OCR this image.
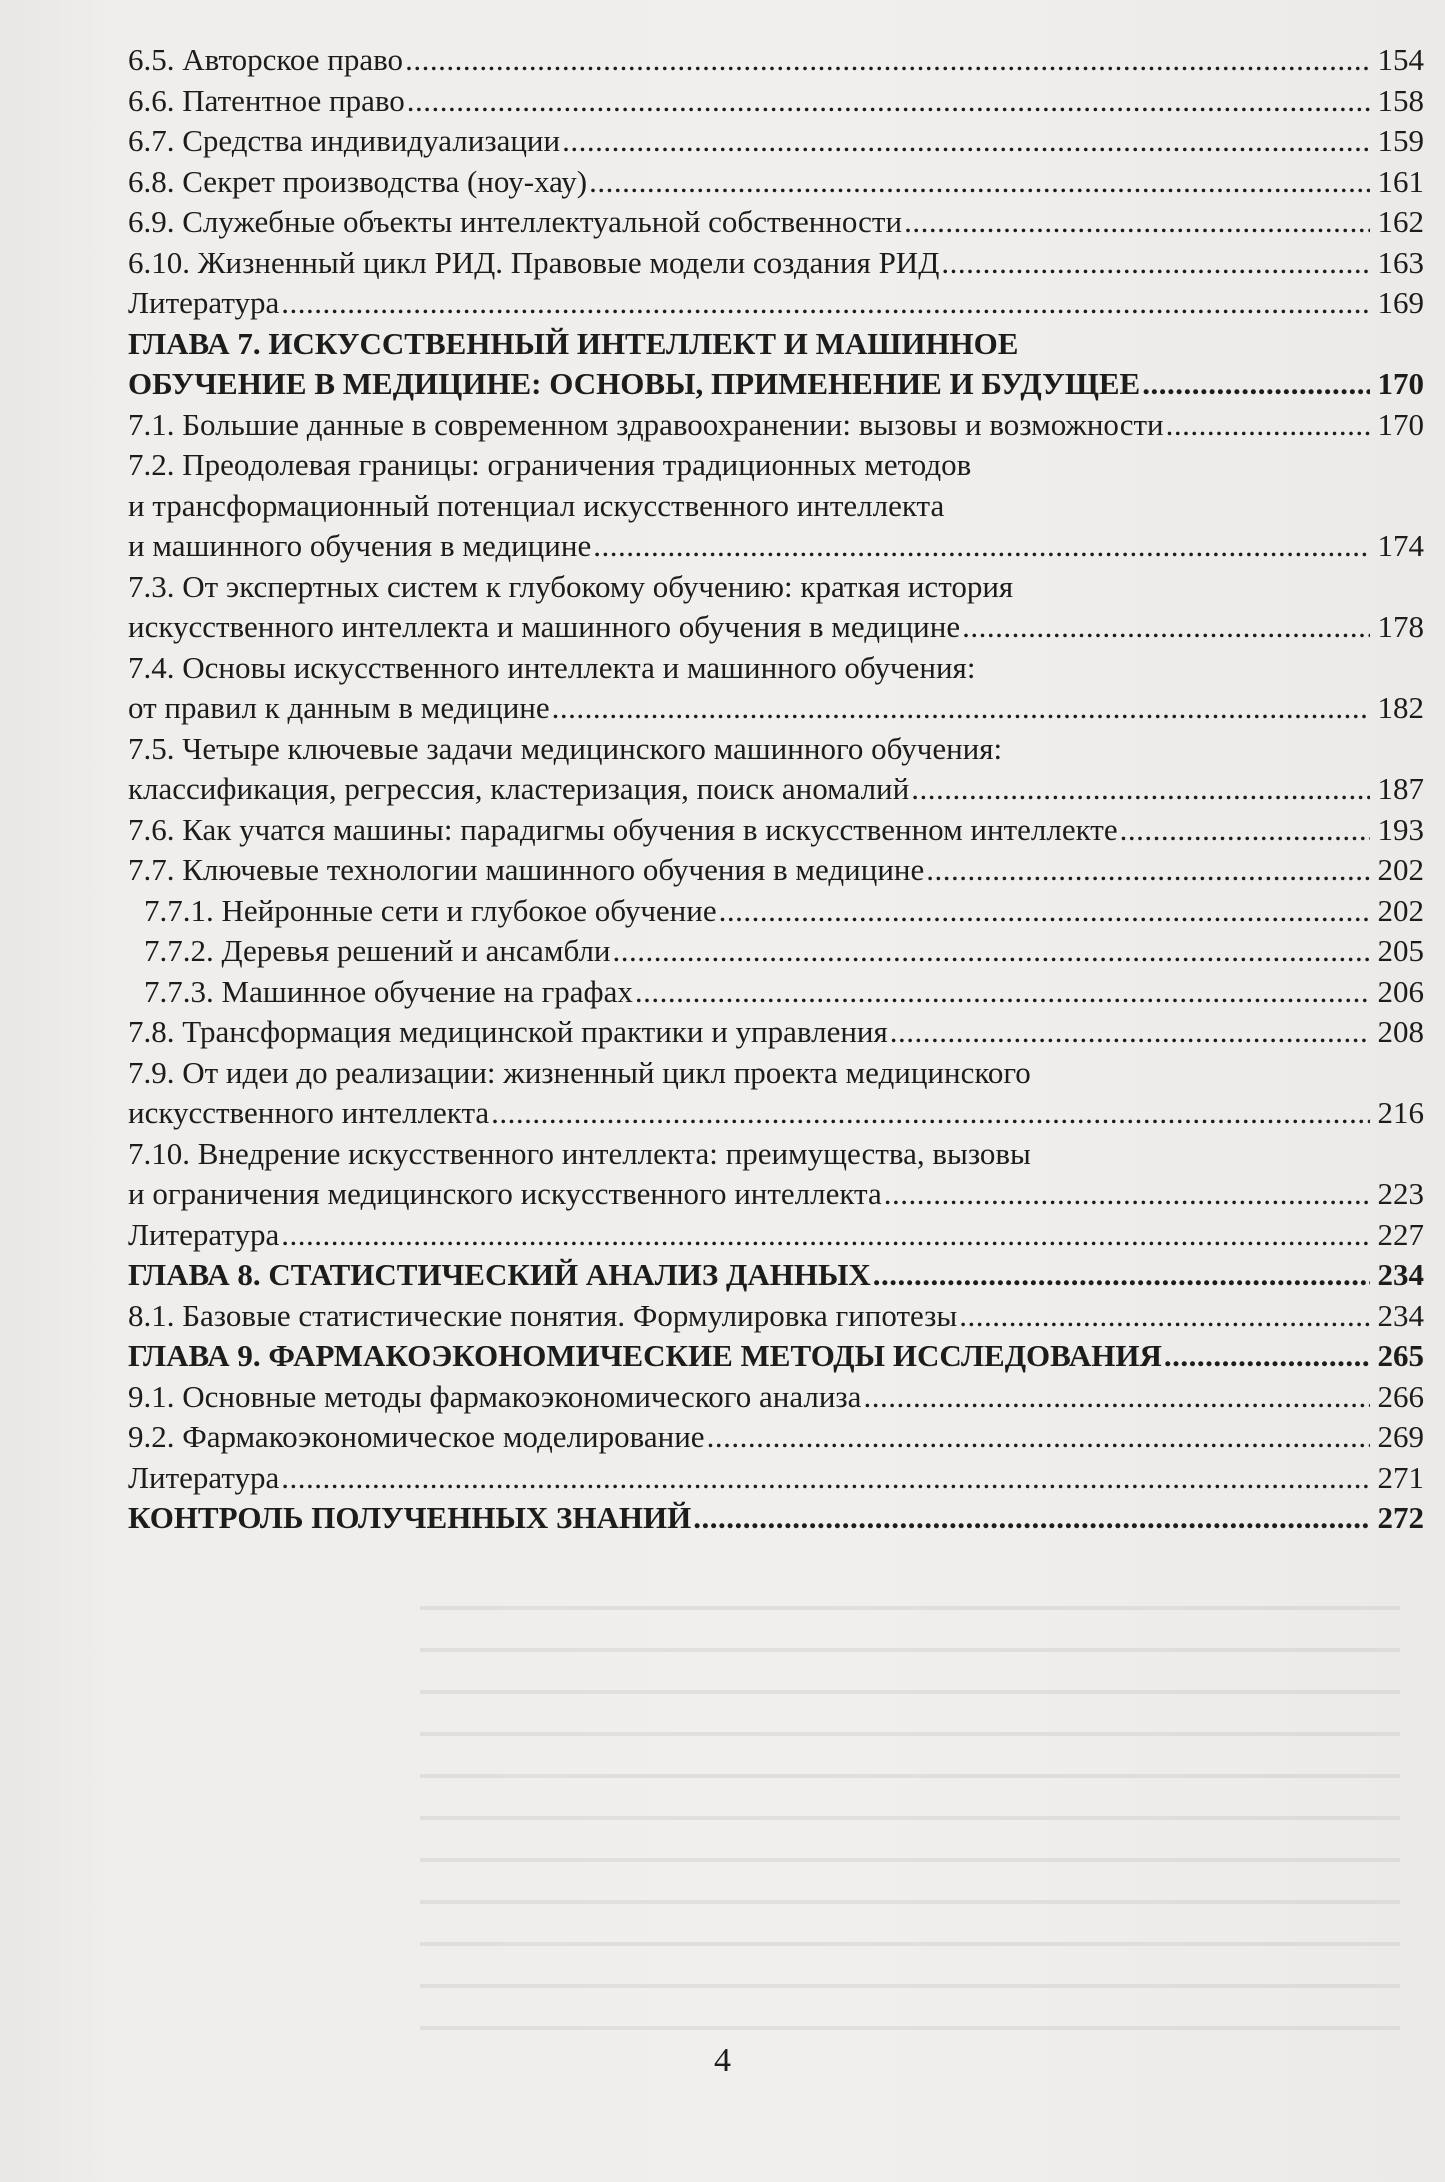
6.5. Авторское право .....	154
6.6. Патентное право .....	158
6.7. Средства индивидуализации .....	159
6.8. Секрет производства (ноу-хау) .....	161
6.9. Служебные объекты интеллектуальной собственности .....	162
6.10. Жизненный цикл РИД. Правовые модели создания РИД .....	163
Литература .....	169
ГЛАВА 7. ИСКУССТВЕННЫЙ ИНТЕЛЛЕКТ И МАШИННОЕ
ОБУЧЕНИЕ В МЕДИЦИНЕ: ОСНОВЫ, ПРИМЕНЕНИЕ И БУДУЩЕЕ .....	170
7.1. Большие данные в современном здравоохранении: вызовы и возможности .....	170
7.2. Преодолевая границы: ограничения традиционных методов
и трансформационный потенциал искусственного интеллекта
и машинного обучения в медицине .....	174
7.3. От экспертных систем к глубокому обучению: краткая история
искусственного интеллекта и машинного обучения в медицине .....	178
7.4. Основы искусственного интеллекта и машинного обучения:
от правил к данным в медицине .....	182
7.5. Четыре ключевые задачи медицинского машинного обучения:
классификация, регрессия, кластеризация, поиск аномалий .....	187
7.6. Как учатся машины: парадигмы обучения в искусственном интеллекте .....	193
7.7. Ключевые технологии машинного обучения в медицине .....	202
7.7.1. Нейронные сети и глубокое обучение .....	202
7.7.2. Деревья решений и ансамбли .....	205
7.7.3. Машинное обучение на графах .....	206
7.8. Трансформация медицинской практики и управления .....	208
7.9. От идеи до реализации: жизненный цикл проекта медицинского
искусственного интеллекта .....	216
7.10. Внедрение искусственного интеллекта: преимущества, вызовы
и ограничения медицинского искусственного интеллекта .....	223
Литература .....	227
ГЛАВА 8. СТАТИСТИЧЕСКИЙ АНАЛИЗ ДАННЫХ .....	234
8.1. Базовые статистические понятия. Формулировка гипотезы .....	234
ГЛАВА 9. ФАРМАКОЭКОНОМИЧЕСКИЕ МЕТОДЫ ИССЛЕДОВАНИЯ .....	265
9.1. Основные методы фармакоэкономического анализа .....	266
9.2. Фармакоэкономическое моделирование .....	269
Литература .....	271
КОНТРОЛЬ ПОЛУЧЕННЫХ ЗНАНИЙ .....	272
4
